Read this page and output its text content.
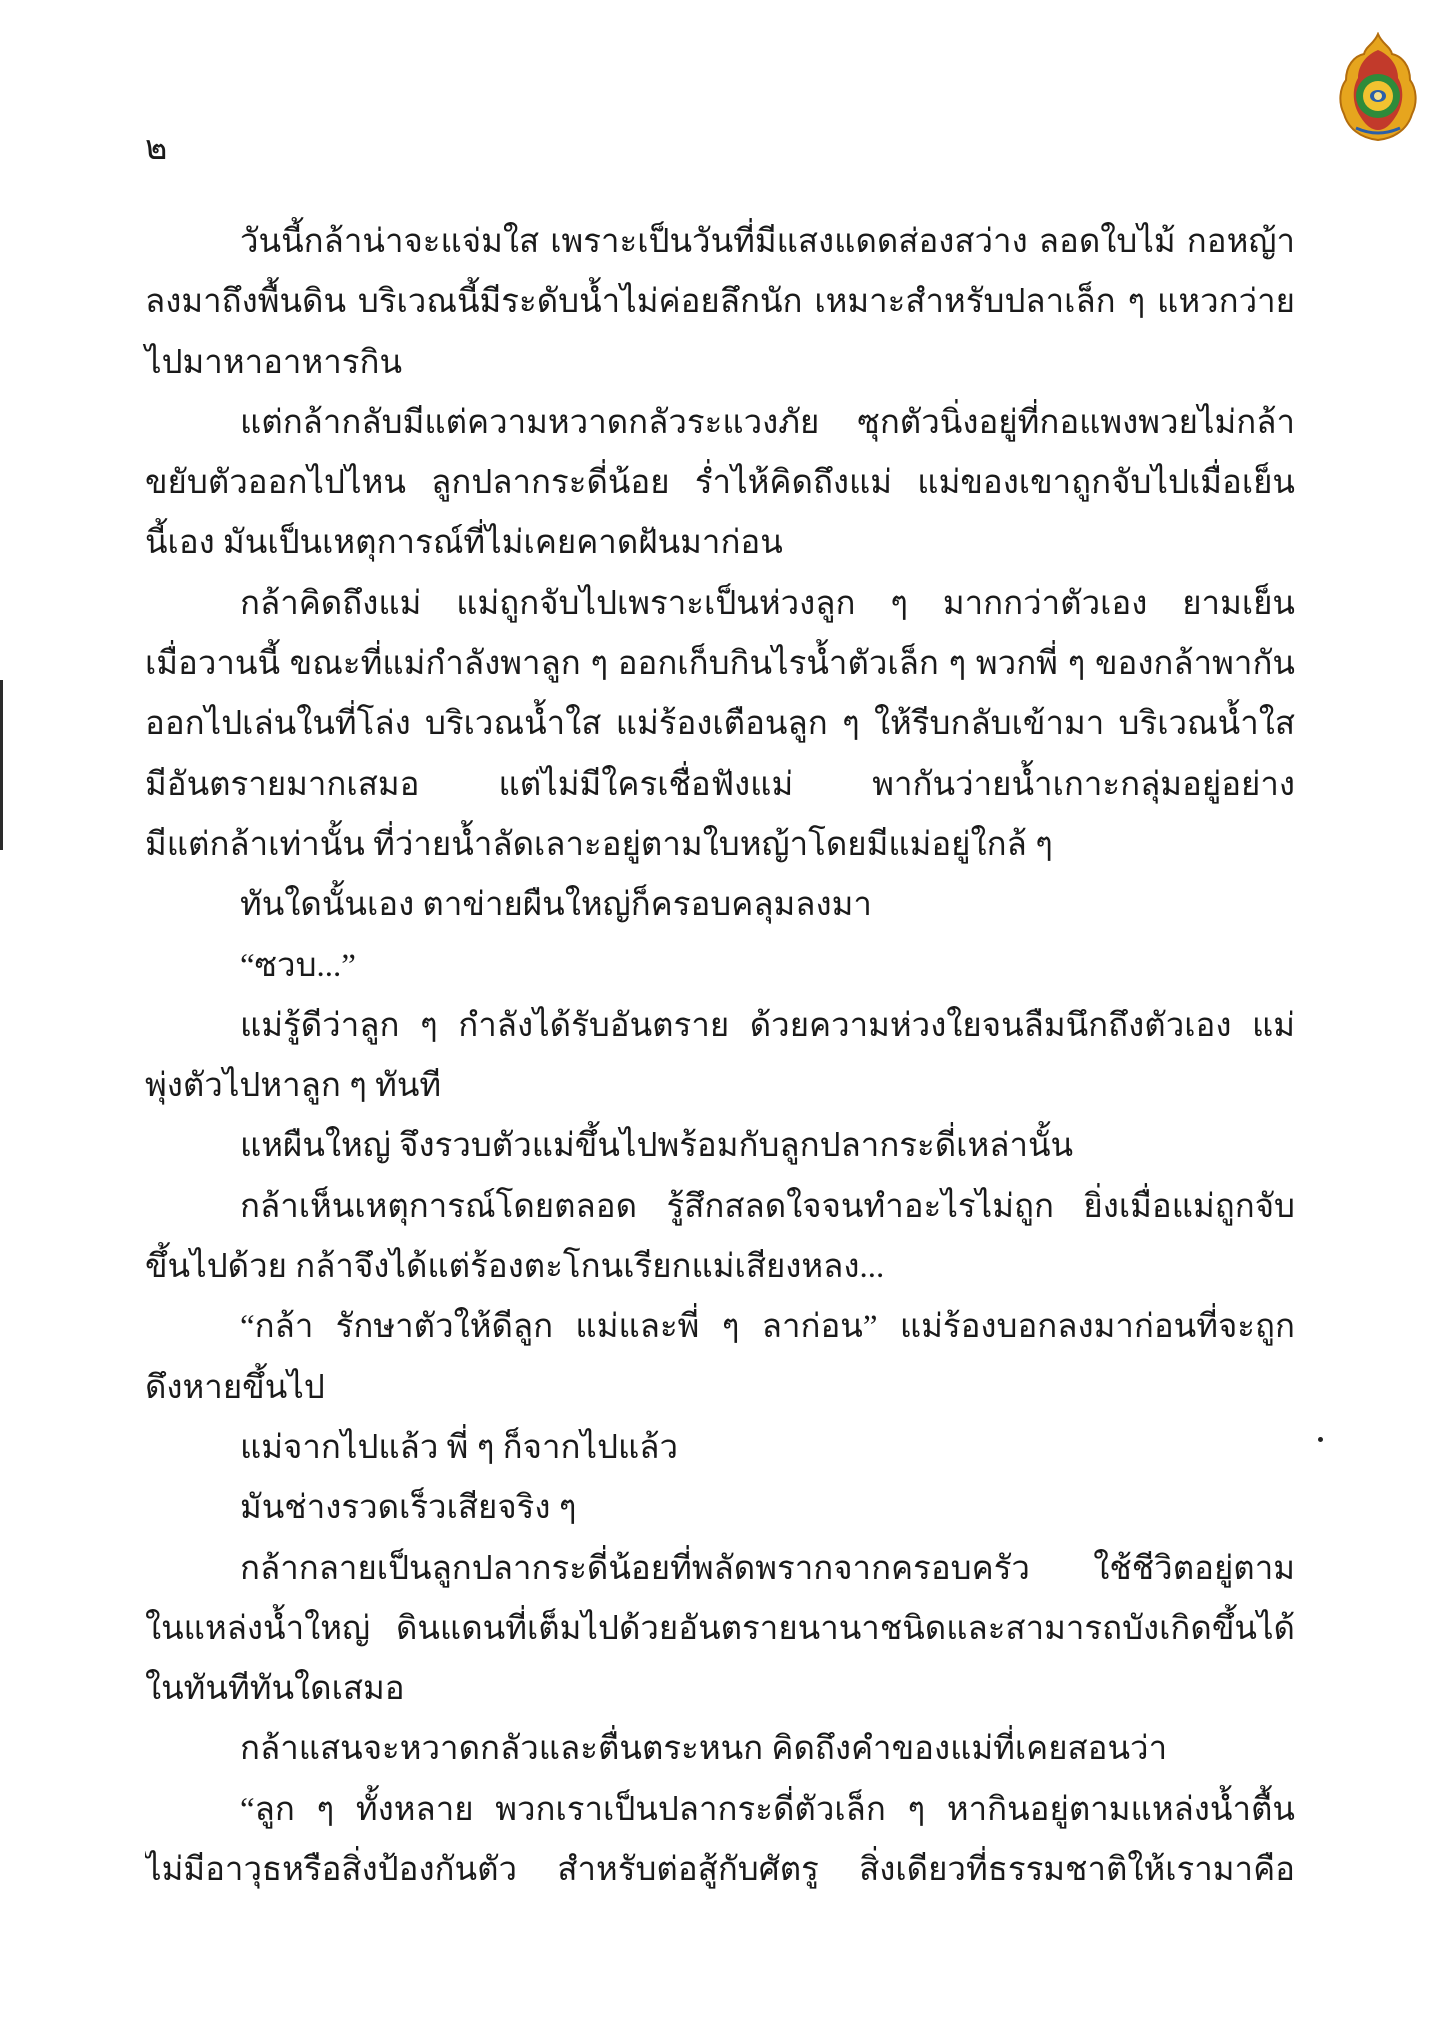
๒
วันนี้กล้าน่าจะแจ่มใส เพราะเป็นวันที่มีแสงแดดส่องสว่าง ลอดใบไม้ กอหญ้า
ลงมาถึงพื้นดิน บริเวณนี้มีระดับน้ำไม่ค่อยลึกนัก เหมาะสำหรับปลาเล็ก ๆ แหวกว่าย
ไปมาหาอาหารกิน
แต่กล้ากลับมีแต่ความหวาดกลัวระแวงภัย ซุกตัวนิ่งอยู่ที่กอแพงพวยไม่กล้า
ขยับตัวออกไปไหน ลูกปลากระดี่น้อย ร่ำไห้คิดถึงแม่ แม่ของเขาถูกจับไปเมื่อเย็น
นี้เอง มันเป็นเหตุการณ์ที่ไม่เคยคาดฝันมาก่อน
กล้าคิดถึงแม่ แม่ถูกจับไปเพราะเป็นห่วงลูก ๆ มากกว่าตัวเอง ยามเย็น
เมื่อวานนี้ ขณะที่แม่กำลังพาลูก ๆ ออกเก็บกินไรน้ำตัวเล็ก ๆ พวกพี่ ๆ ของกล้าพากัน
ออกไปเล่นในที่โล่ง บริเวณน้ำใส แม่ร้องเตือนลูก ๆ ให้รีบกลับเข้ามา บริเวณน้ำใส
มีอันตรายมากเสมอ แต่ไม่มีใครเชื่อฟังแม่ พากันว่ายน้ำเกาะกลุ่มอยู่อย่าง
มีแต่กล้าเท่านั้น ที่ว่ายน้ำลัดเลาะอยู่ตามใบหญ้าโดยมีแม่อยู่ใกล้ ๆ
ทันใดนั้นเอง ตาข่ายผืนใหญ่ก็ครอบคลุมลงมา
“ซวบ...”
แม่รู้ดีว่าลูก ๆ กำลังได้รับอันตราย ด้วยความห่วงใยจนลืมนึกถึงตัวเอง แม่
พุ่งตัวไปหาลูก ๆ ทันที
แหผืนใหญ่ จึงรวบตัวแม่ขึ้นไปพร้อมกับลูกปลากระดี่เหล่านั้น
กล้าเห็นเหตุการณ์โดยตลอด รู้สึกสลดใจจนทำอะไรไม่ถูก ยิ่งเมื่อแม่ถูกจับ
ขึ้นไปด้วย กล้าจึงได้แต่ร้องตะโกนเรียกแม่เสียงหลง...
“กล้า รักษาตัวให้ดีลูก แม่และพี่ ๆ ลาก่อน” แม่ร้องบอกลงมาก่อนที่จะถูก
ดึงหายขึ้นไป
แม่จากไปแล้ว พี่ ๆ ก็จากไปแล้ว
มันช่างรวดเร็วเสียจริง ๆ
กล้ากลายเป็นลูกปลากระดี่น้อยที่พลัดพรากจากครอบครัว ใช้ชีวิตอยู่ตาม
ในแหล่งน้ำใหญ่ ดินแดนที่เต็มไปด้วยอันตรายนานาชนิดและสามารถบังเกิดขึ้นได้
ในทันทีทันใดเสมอ
กล้าแสนจะหวาดกลัวและตื่นตระหนก คิดถึงคำของแม่ที่เคยสอนว่า
“ลูก ๆ ทั้งหลาย พวกเราเป็นปลากระดี่ตัวเล็ก ๆ หากินอยู่ตามแหล่งน้ำตื้น
ไม่มีอาวุธหรือสิ่งป้องกันตัว สำหรับต่อสู้กับศัตรู สิ่งเดียวที่ธรรมชาติให้เรามาคือ
